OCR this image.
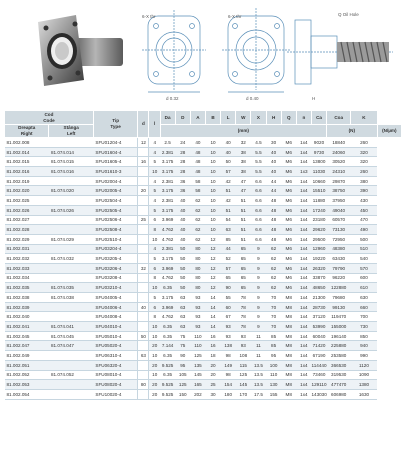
6-X thr
d 0.32
6-X thr
d 0.40
Q Oil Hole
H
Cod
Code		Tip
Type	d	l	Da	D	A	B	L	W	X	H	Q	n	Ca	Coa	K	
Dreapta
Right	Stânga
Left				(mm)											(N)		(N/µm)
81.002.008		SFU01204-4	12	4	2.5	24	40	10	40	32	4.5	30	M6	1x4	9020	18840	260	
81.002.014	81.074.014	SFU01604-4		4	2.381	28	48	10	40	38	5.5	40	M6	1x4	9730	24060	320	
81.002.015	81.074.015	SFU01605-4	16	5	3.175	28	48	10	50	38	5.5	40	M6	1x4	13800	30520	320	
81.002.016	81.074.016	SFU01610-3		10	3.175	28	48	10	57	38	5.5	40	M6	1x3	11030	24310	260	
81.002.019		SFU02004-4		4	2.381	36	58	10	42	47	6.6	44	M6	1x4	10660	29870	380	
81.002.020	81.074.020	SFU02005-4	20	5	3.175	36	58	10	51	47	6.6	44	M6	1x4	15510	38750	390	
81.002.025		SFU02504-4		4	2.381	40	62	10	42	51	6.6	48	M6	1x4	11880	37950	430	
81.002.026	81.074.026	SFU02505-4		5	3.175	40	62	10	51	51	6.6	48	M6	1x4	17240	49040	450	
81.002.027		SFU02506-4	25	6	3.969	40	62	10	54	51	6.6	48	M6	1x4	23180	60570	470	
81.002.028		SFU02508-4		8	4.762	40	62	10	63	51	6.6	48	M6	1x4	29620	73130	490	
81.002.029	81.074.029	SFU02510-4		10	4.762	40	62	12	85	51	6.6	48	M6	1x4	29500	72950	500	
81.002.031		SFU03204-4		4	2.381	50	80	12	44	65	9	62	M6	1x4	12960	48380	510	
81.002.032	81.074.032	SFU03205-4		5	3.175	50	80	12	52	65	9	62	M6	1x4	19220	63430	540	
81.002.033		SFU03206-4	32	6	3.969	50	80	12	57	65	9	62	M6	1x4	26320	79790	570	
81.002.034		SFU03208-4		8	4.762	50	80	12	65	65	9	62	M6	1x4	33870	96220	600	
81.002.035	81.074.035	SFU03210-4		10	6.35	50	80	12	90	65	9	62	M6	1x4	48650	122880	610	
81.002.038	81.074.038	SFU04005-4		5	3.175	63	93	14	55	78	9	70	M8	1x4	21300	79680	630	
81.002.039		SFU04006-4	40	6	3.969	63	93	14	60	78	9	70	M8	1x4	28730	99130	660	
81.002.040		SFU04008-4		8	4.762	63	93	14	67	78	9	70	M8	1x4	37120	119470	700	
81.002.041	81.074.041	SFU04010-4		10	6.35	63	93	14	93	78	9	70	M8	1x4	53990	155000	730	
81.002.045	81.074.045	SFU05010-4	50	10	6.35	75	110	16	93	93	11	85	M8	1x4	60040	196140	850	
81.002.047	81.074.047	SFU05020-4		20	7.144	75	110	16	138	93	11	85	M8	1x4	71420	225880	940	
81.002.049		SFU06310-4	63	10	6.35	90	125	18	98	108	11	95	M8	1x4	67190	253580	990	
81.002.051		SFU06320-4		20	9.525	95	135	20	149	115	13.5	100	M8	1x4	114440	366530	1120	
81.002.052	81.074.052	SFU08010-4		10	6.35	105	145	20	98	125	13.5	110	M8	1x4	73460	319530	1090	
81.002.053		SFU08020-4	80	20	9.525	125	165	25	154	145	13.5	130	M8	1x4	129110	477470	1380	
81.002.054		SFU10020-4		20	9.525	150	202	30	180	170	17.5	155	M8	1x4	143030	606980	1630	
